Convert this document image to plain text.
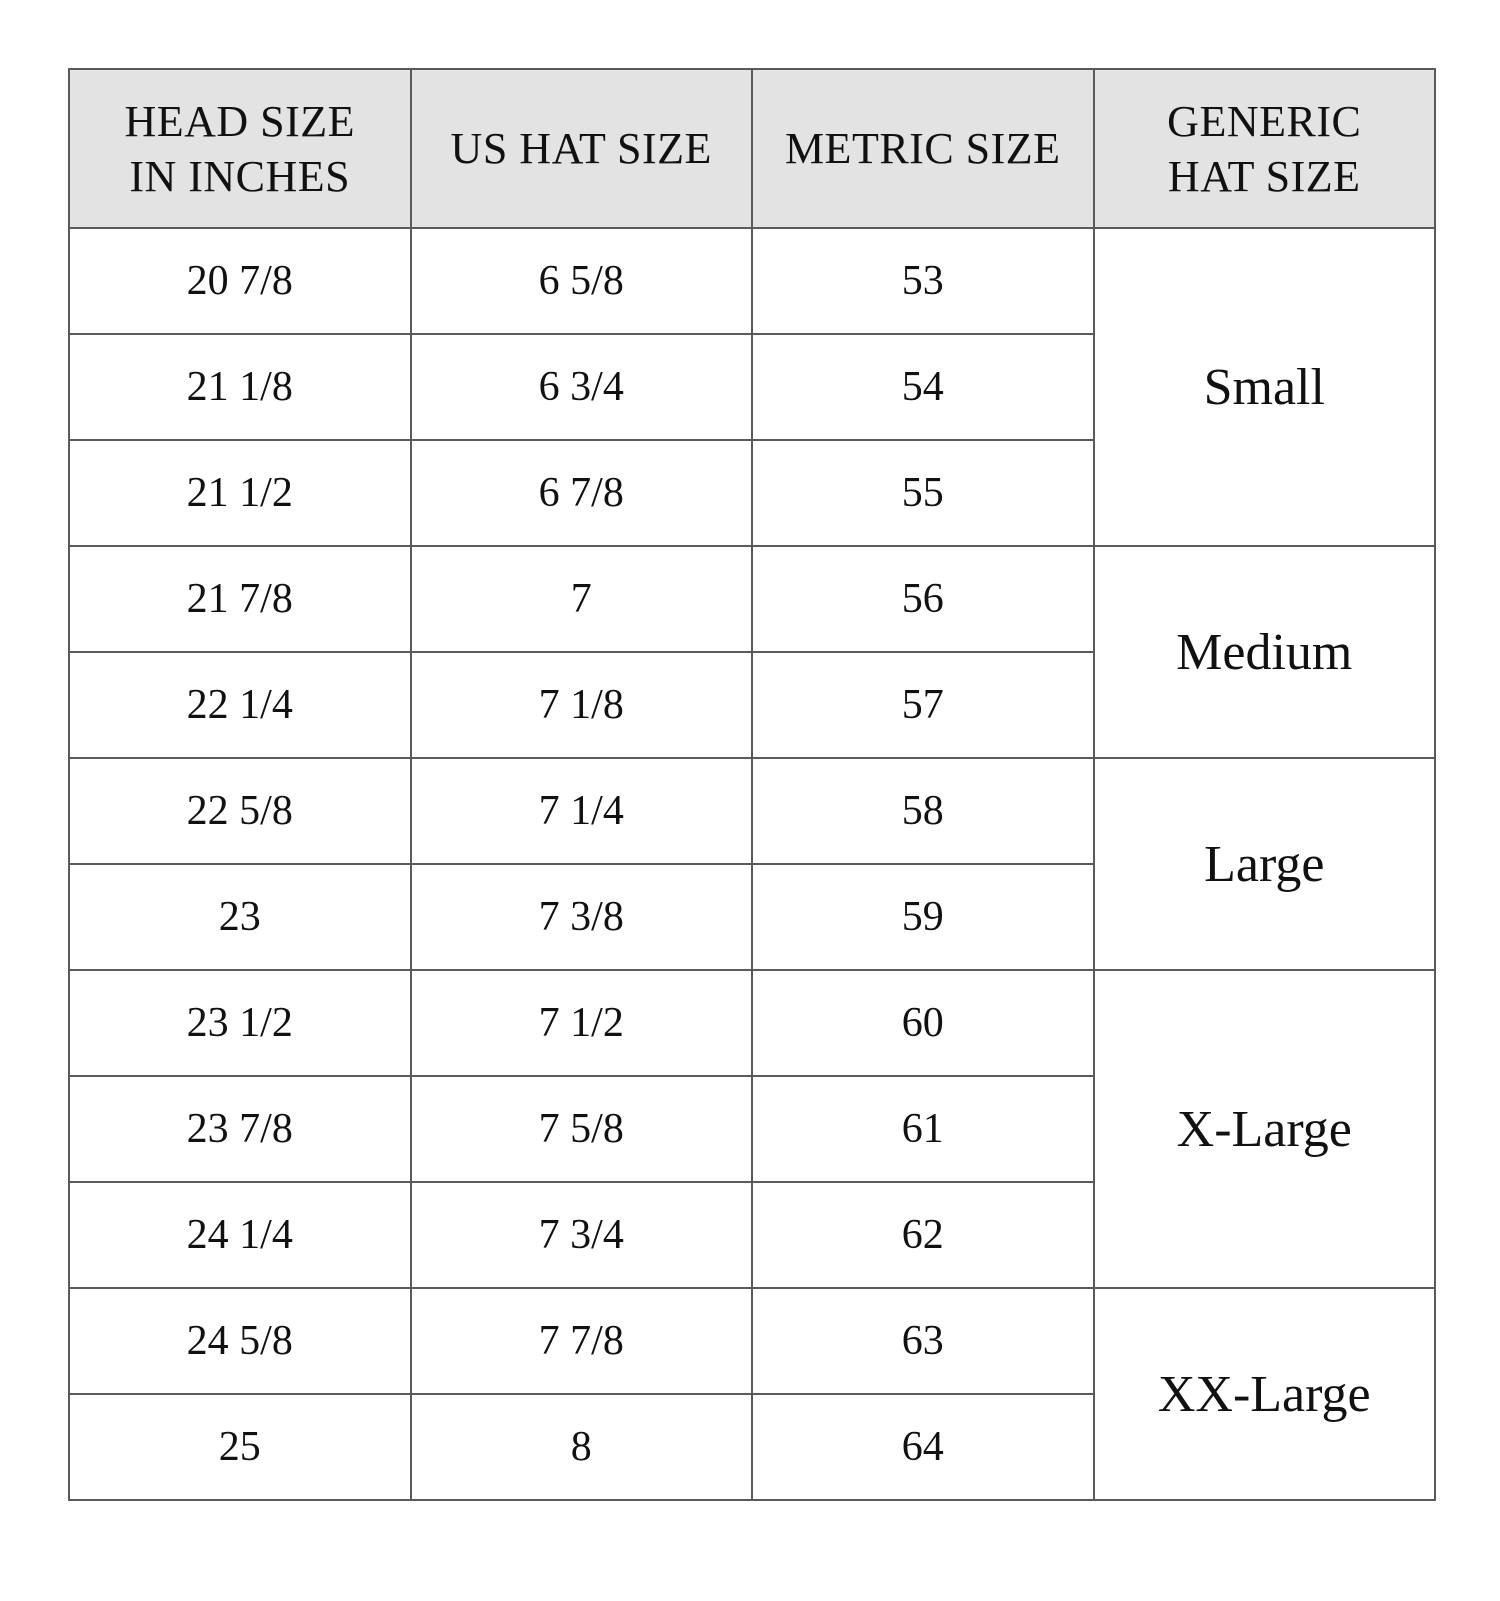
HEAD SIZE
IN INCHES	US HAT SIZE	METRIC SIZE	GENERIC
HAT SIZE
20 7/8	6 5/8	53	Small
21 1/8	6 3/4	54	
21 1/2	6 7/8	55	
21 7/8	7	56	Medium
22 1/4	7 1/8	57	
22 5/8	7 1/4	58	Large
23	7 3/8	59	
23 1/2	7 1/2	60	X-Large
23 7/8	7 5/8	61	
24 1/4	7 3/4	62	
24 5/8	7 7/8	63	XX-Large
25	8	64	
